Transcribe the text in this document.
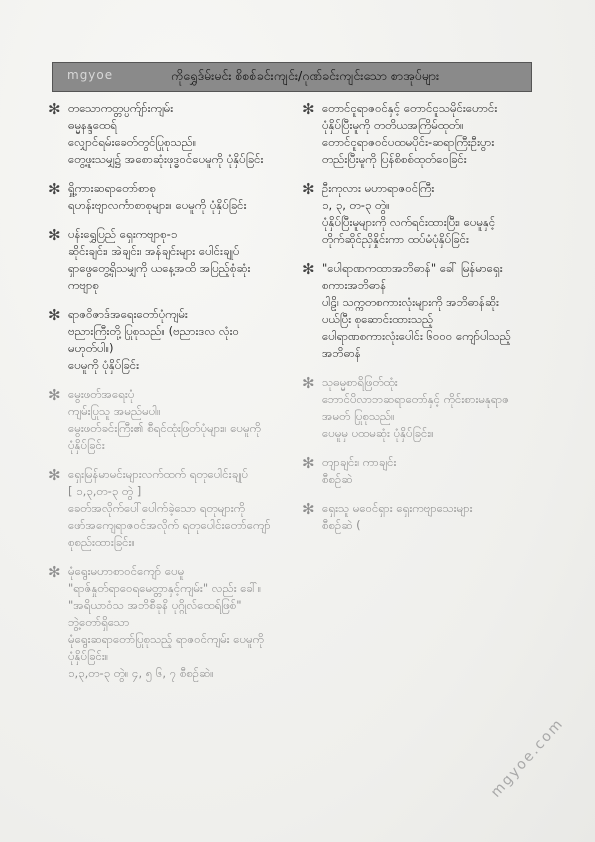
mgyoe	ကိုရွှေဒ်မ်းမင်း စိစစ်ခင်းကျင်း/ဂုဏ်ခင်းကျင်းသော စာအုပ်များ
✻ တသောကတ္တပ္ပက်ျာ်းကျမ်း
ဓမ္မနန္ဒထေရ်
လျှောင်ရမ်းခေတ်တွင်ပြုစုသည်။
တွေ့ဖူးသမျှ၌ အစောဆုံးဖုဒ္ဓဝင်ပေမူကို ပုံနှိပ်ခြင်း
✻ ရှိူ့ကားဆရာတော်စာစု
ရဟန်းဗျာလင်္ကာစာစုများ။ ပေမူကို ပုံနှိပ်ခြင်း
✻ ပန်းရွှေပြည် ရှေးကဗျာစု-၁
ဆိုင်းချင်း၊ အဲချင်း၊ အန်ချင်းများ ပေါင်းချုပ်
ရှာဖွေတွေ့ရှိသမျှကို ယနေ့အထိ အပြည့်စုံဆုံး
ကဗျာစု
✻ ရာဇဝိဇာဒ်အရေးတော်ပုံကျမ်း
ဗညားကြီးတို့ ပြုစုသည်။ (ဗညားဒလ လုံးဝ
မဟုတ်ပါ။)
ပေမူကို ပုံနှိပ်ခြင်း
✻ မွေးဖတ်အရေးပုံ
ကျမ်းပြုသူ အမည်မပါ။
မွေးဖတ်ခင်းကြီး၏ စီရင်ထုံးဖြတ်ပုံများ။ ပေမူကို
ပုံနှိပ်ခြင်း
✻ ရှေးမြန်မာမင်းများလက်ထက် ရတုပေါင်းချုပ်
[ ၁,၃,တ-၃ တွဲ ]
ခေတ်အလိုက်ပေါ်ပေါက်ခဲ့သော ရတုများကို
ဖော်အကျေရာဇဝင်အလိုက် ရတုပေါင်းတော်ကျော်
စုစည်းထားခြင်း။
✻ မုံရွေးမဟာစာဝင်ကျော် ပေမူ
"ရာဇ်နှုတ်ရာဝေရမေတ္တာနှင့်ကျမ်း" လည်း ခေါ်။
"အရိယာဝံသ အဘိစီခုနိ ပုဂ္ဂိုလ်ထေရ်ဖြစ်"
ဘွဲ့တော်ရှိသော
မုံရွေးဆရာတော်ပြုစုသည့် ရာဇဝင်ကျမ်း ပေမူကို
ပုံနှိပ်ခြင်း။
၁,၃,တ-၃ တွဲ။ ၄, ၅ ၆, ၇ စီစဉ်ဆဲ။
✻ တောင်ငူရာဇဝင်နှင့် တောင်ငူသမိုင်းဟောင်း
ပုံနှိပ်ပြီးမူကို တတိယအကြိမ်ထုတ်။
တောင်ငူရာဇဝင်ပထမပိုင်း-ဆရာကြီးဦးပွား
တည်းပြီးမူကို ပြန်စိစစ်ထုတ်ဝေခြင်း
✻ ဦးကုလား မဟာရာဇဝင်ကြီး
၁, ၃, တ-၃ တွဲ။
ပုံနှိပ်ပြီးမူများကို လက်ရင်းထားပြီး၊ ပေမူနှင့်
တိုက်ဆိုင်ညှိနှိုင်းကာ ထပ်မံပုံနှိပ်ခြင်း
✻ "ပေါရာဏကထာအဘိဓာန်" ခေါ် မြန်မာရှေး
စကားအဘိဓာန်
ပါဠိ၊ သက္ကတစကားလုံးများကို အဘိဓာန်ဆိုး
ပယ်ပြီး စုဆောင်းထားသည့်
ပေါရာဏစကားလုံးပေါင်း ၆၀၀၀ ကျော်ပါသည့်
အဘိဓာန်
✻ သုဓမ္မစာရိဖြတ်ထုံး
ဘောင်ပိလာဘဆရာတော်နှင့် ကိုင်းစားမနုရာဇ
အမတ် ပြုစုသည်။
ပေမူမှ ပထမဆုံး ပုံနှိပ်ခြင်း။
✻ တျာချင်း၊ ကာချင်း
စီစဉ်ဆဲ
✻ ရှေးသူ မဝေင်ရှား ရှေးကဗျာသေးများ
စီစဉ်ဆဲ (
mgyoe.com
